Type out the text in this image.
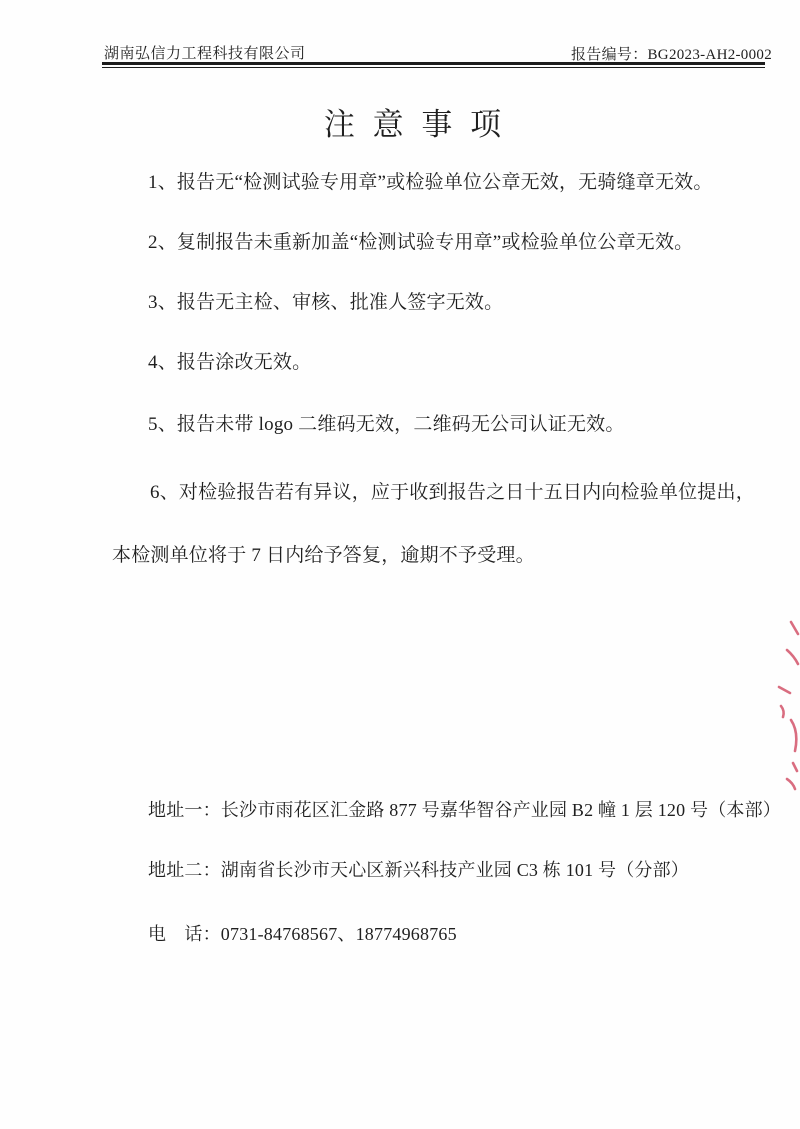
湖南弘信力工程科技有限公司	报告编号：BG2023-AH2-0002
注 意 事 项

1、报告无“检测试验专用章”或检验单位公章无效，无骑缝章无效。

2、复制报告未重新加盖“检测试验专用章”或检验单位公章无效。

3、报告无主检、审核、批准人签字无效。

4、报告涂改无效。

5、报告未带 logo 二维码无效，二维码无公司认证无效。

6、对检验报告若有异议，应于收到报告之日十五日内向检验单位提出，

本检测单位将于 7 日内给予答复，逾期不予受理。

地址一：长沙市雨花区汇金路 877 号嘉华智谷产业园 B2 幢 1 层 120 号（本部）

地址二：湖南省长沙市天心区新兴科技产业园 C3 栋 101 号（分部）

电　话：0731-84768567、18774968765
